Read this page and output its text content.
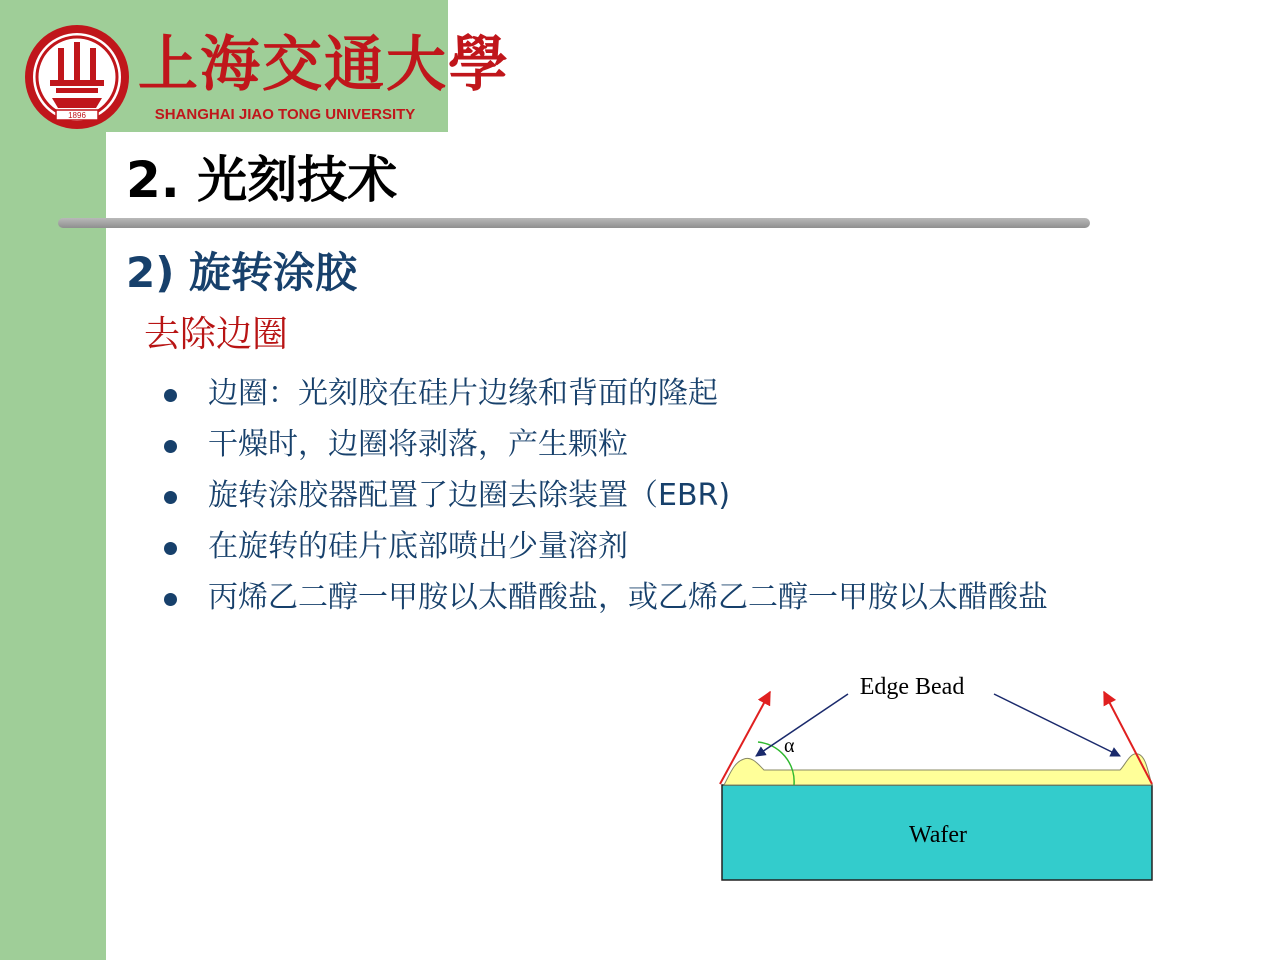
1896
上海交通大學
SHANGHAI JIAO TONG UNIVERSITY
2. 光刻技术
2) 旋转涂胶
去除边圈
边圈：光刻胶在硅片边缘和背面的隆起
干燥时，边圈将剥落，产生颗粒
旋转涂胶器配置了边圈去除装置（EBR)
在旋转的硅片底部喷出少量溶剂
丙烯乙二醇一甲胺以太醋酸盐，或乙烯乙二醇一甲胺以太醋酸盐
Edge Bead
α
Wafer
